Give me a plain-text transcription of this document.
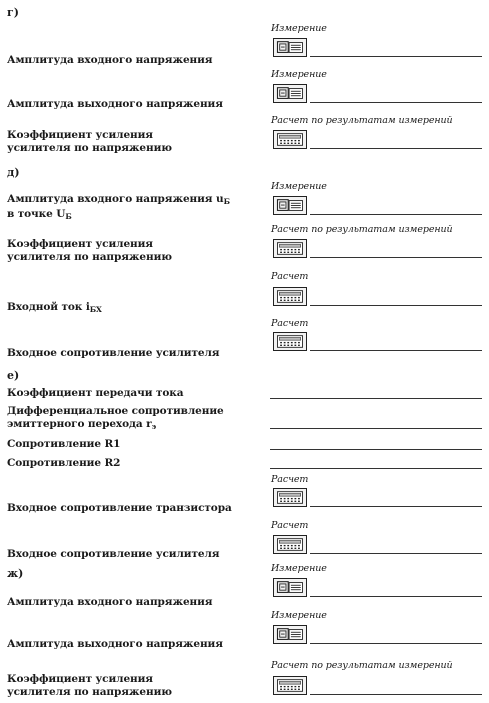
г)
Измерение
Амплитуда входного напряжения
Измерение
Амплитуда выходного напряжения
Расчет по результатам измерений
Коэффициент усиления
усилителя по напряжению
д)
Измерение
Амплитуда входного напряжения $u_Б$
в точке $U_Б$
Расчет по результатам измерений
Коэффициент усиления
усилителя по напряжению
Расчет
Входной ток $i_{БХ}$
Расчет
Входное сопротивление усилителя
е)
Коэффициент передачи тока
Дифференциальное сопротивление
эмиттерного перехода $r_э$
Сопротивление R1
Сопротивление R2
Расчет
Входное сопротивление транзистора
Расчет
Входное сопротивление усилителя
ж)	Измерение
Амплитуда входного напряжения
Измерение
Амплитуда выходного напряжения
Расчет по результатам измерений
Коэффициент усиления
усилителя по напряжению
